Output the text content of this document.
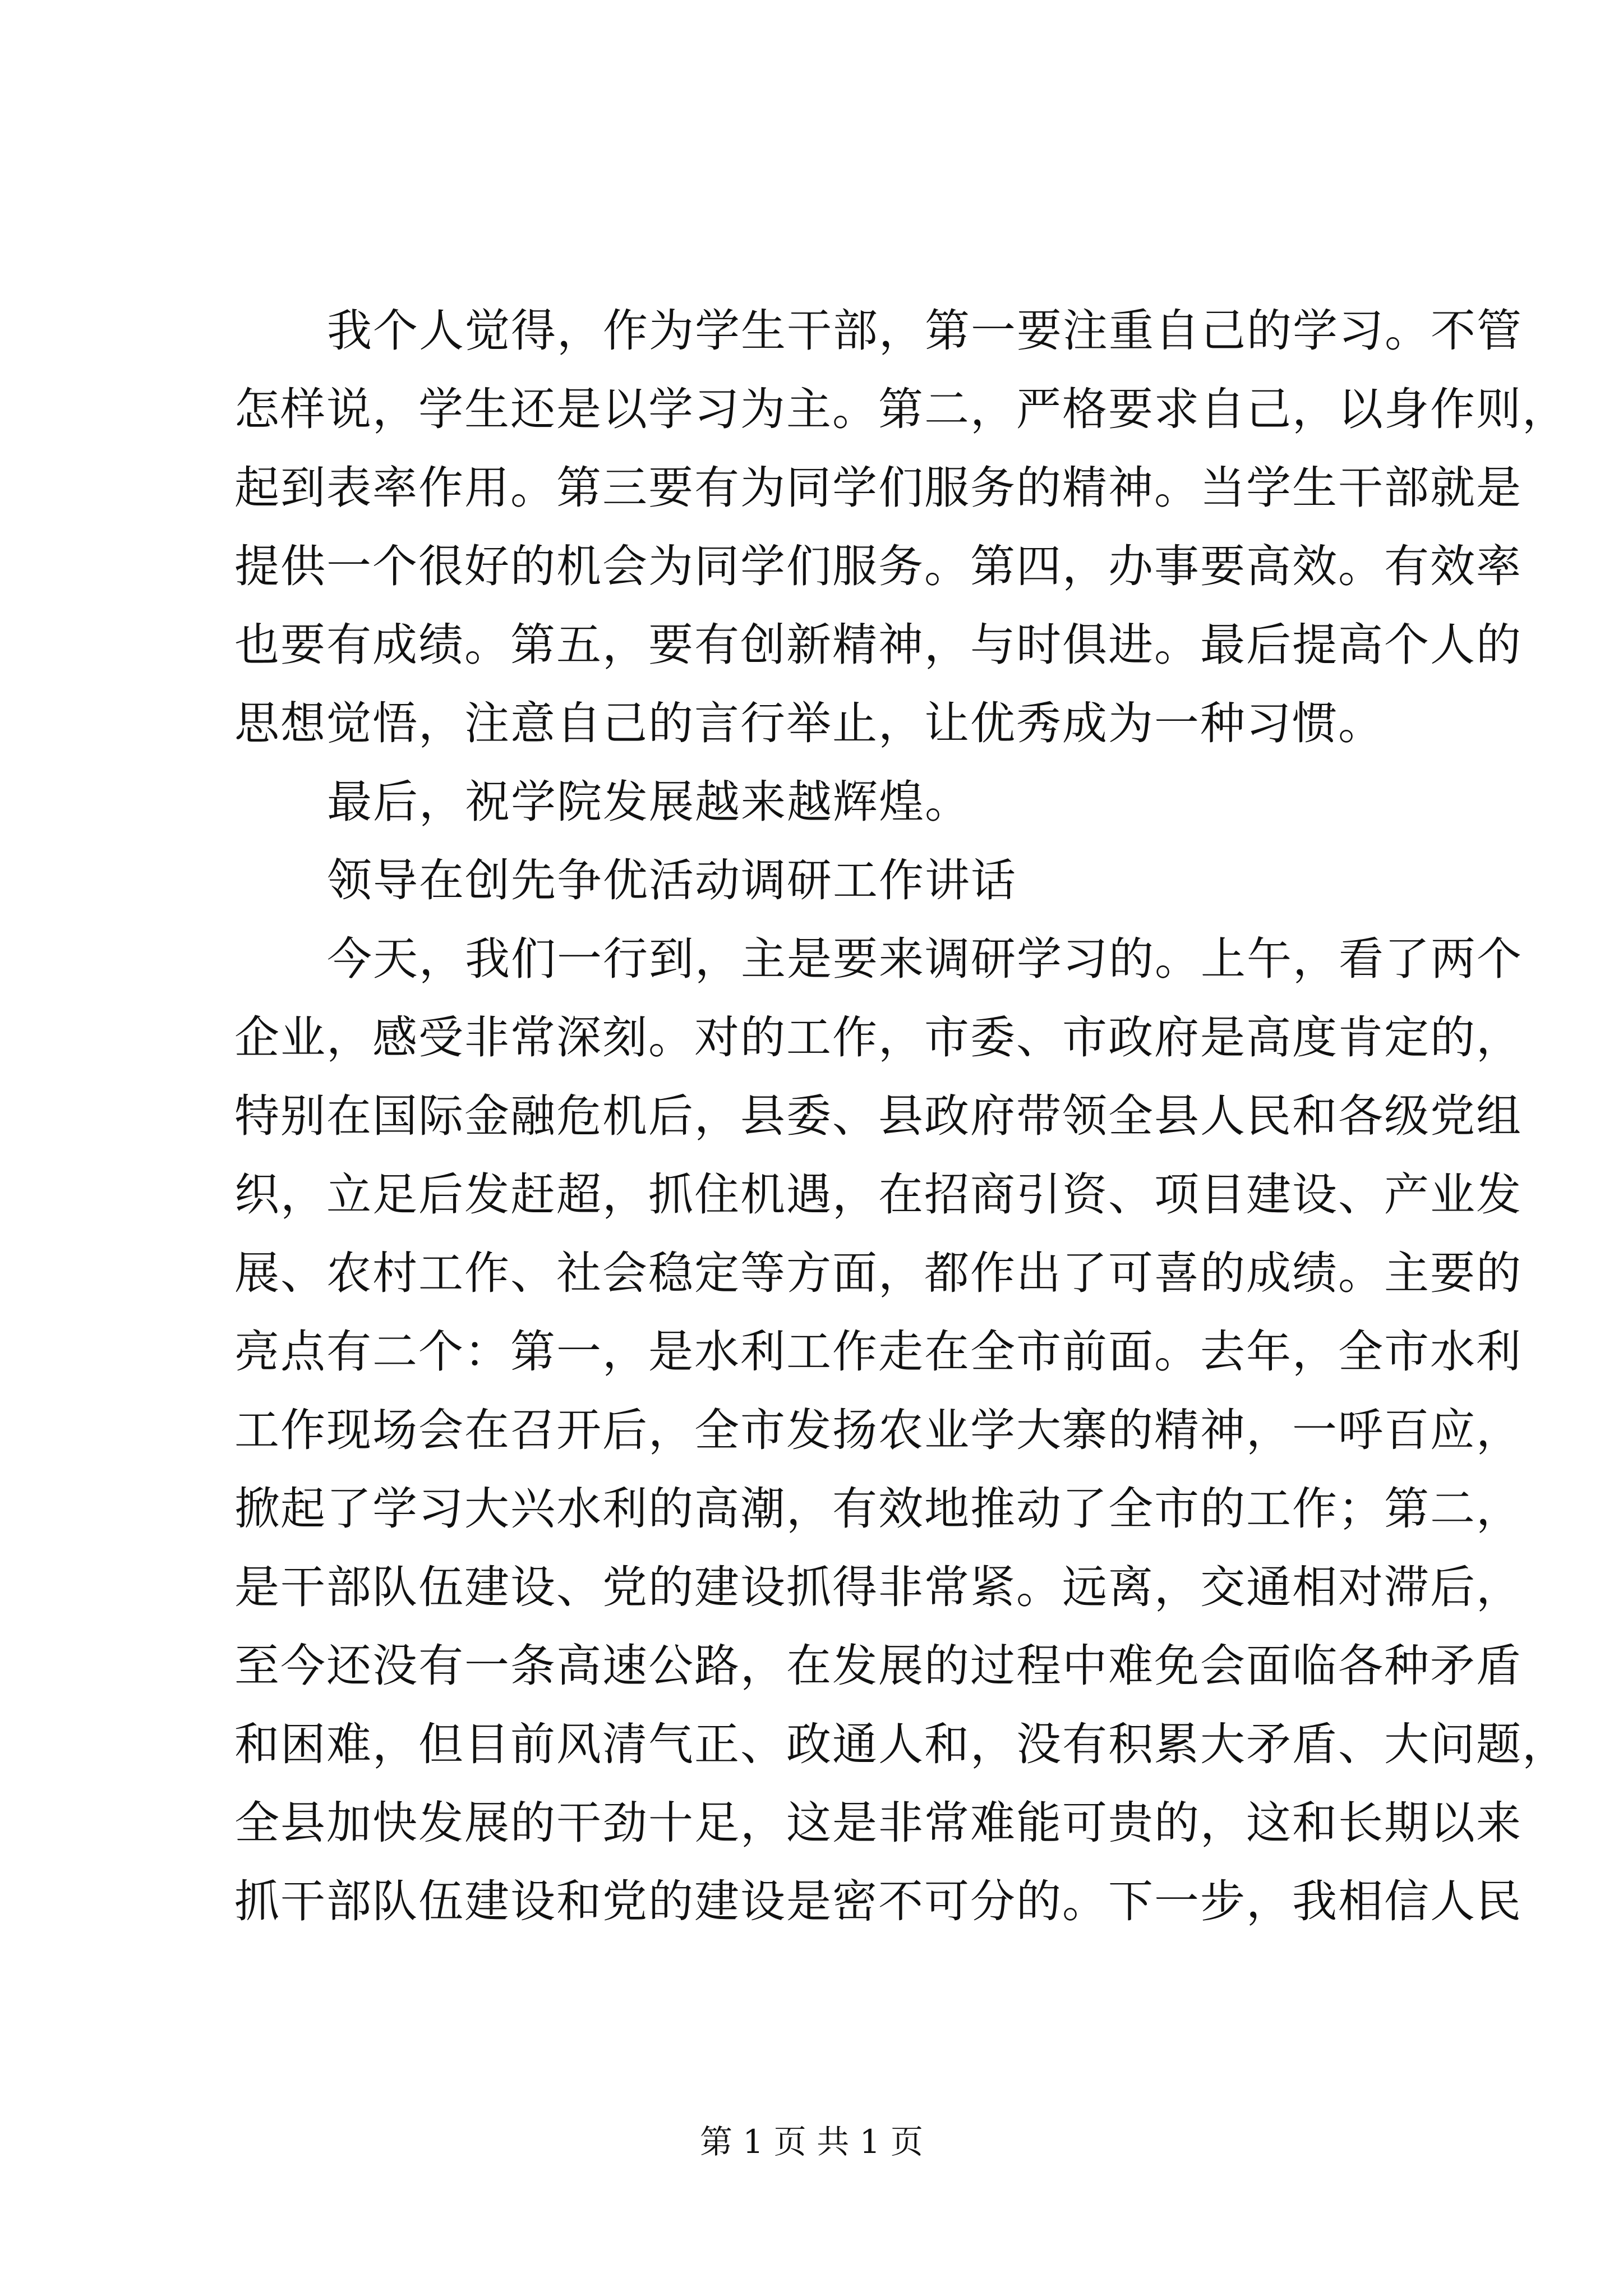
我个人觉得，作为学生干部，第一要注重自己的学习。不管
怎样说，学生还是以学习为主。第二，严格要求自己，以身作则，
起到表率作用。第三要有为同学们服务的精神。当学生干部就是
提供一个很好的机会为同学们服务。第四，办事要高效。有效率
也要有成绩。第五，要有创新精神，与时俱进。最后提高个人的
思想觉悟，注意自己的言行举止，让优秀成为一种习惯。
最后，祝学院发展越来越辉煌。
领导在创先争优活动调研工作讲话
今天，我们一行到，主是要来调研学习的。上午，看了两个
企业，感受非常深刻。对的工作，市委、市政府是高度肯定的，
特别在国际金融危机后，县委、县政府带领全县人民和各级党组
织，立足后发赶超，抓住机遇，在招商引资、项目建设、产业发
展、农村工作、社会稳定等方面，都作出了可喜的成绩。主要的
亮点有二个：第一，是水利工作走在全市前面。去年，全市水利
工作现场会在召开后，全市发扬农业学大寨的精神，一呼百应，
掀起了学习大兴水利的高潮，有效地推动了全市的工作；第二，
是干部队伍建设、党的建设抓得非常紧。远离，交通相对滞后，
至今还没有一条高速公路，在发展的过程中难免会面临各种矛盾
和困难，但目前风清气正、政通人和，没有积累大矛盾、大问题，
全县加快发展的干劲十足，这是非常难能可贵的，这和长期以来
抓干部队伍建设和党的建设是密不可分的。下一步，我相信人民
第 1 页 共 1 页
